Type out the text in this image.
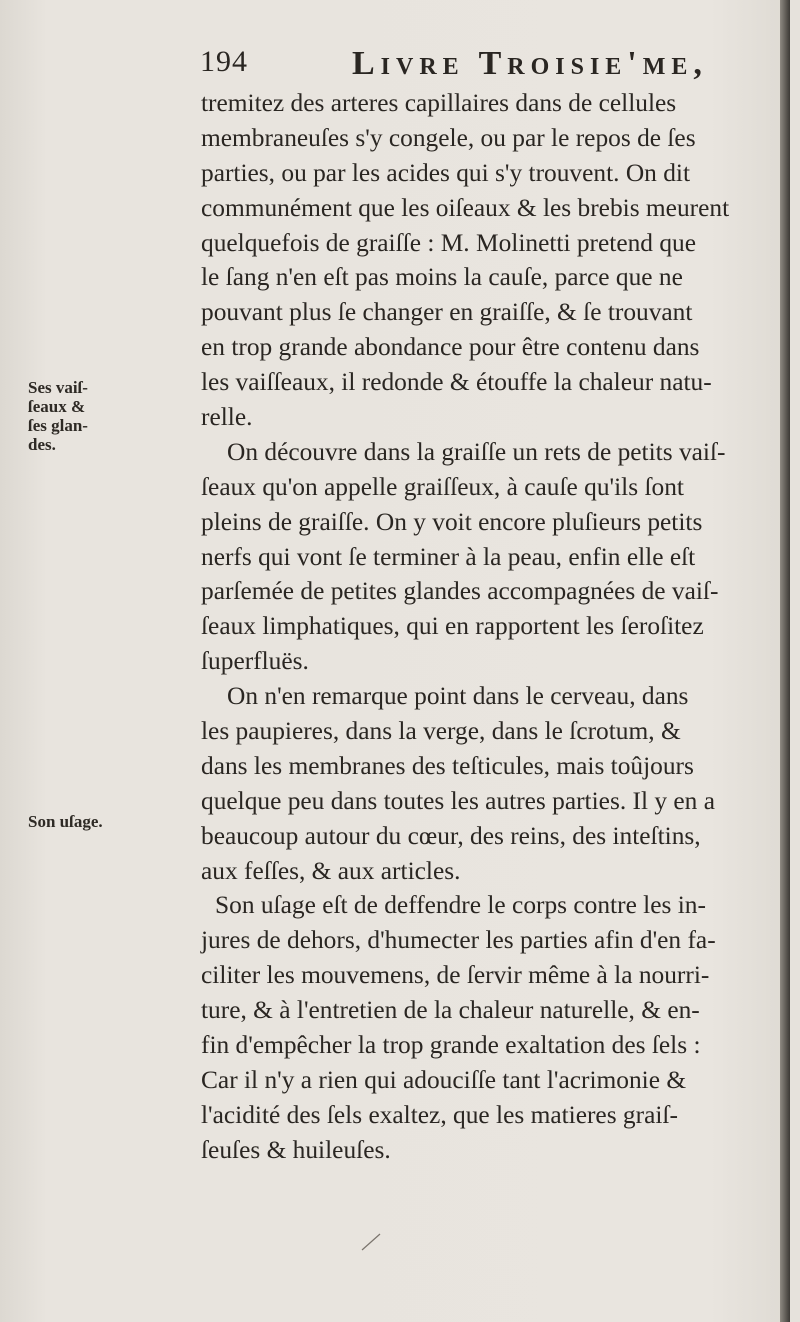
194	Livre Troisie'me,
Ses vaiſ-
ſeaux &
ſes glan-
des.
Son uſage.
tremitez des arteres capillaires dans de cellules
membraneuſes s'y congele, ou par le repos de ſes
parties, ou par les acides qui s'y trouvent. On dit
communément que les oiſeaux & les brebis meurent
quelquefois de graiſſe : M. Molinetti pretend que
le ſang n'en eſt pas moins la cauſe, parce que ne
pouvant plus ſe changer en graiſſe, & ſe trouvant
en trop grande abondance pour être contenu dans
les vaiſſeaux, il redonde & étouffe la chaleur natu-
relle.
On découvre dans la graiſſe un rets de petits vaiſ-
ſeaux qu'on appelle graiſſeux, à cauſe qu'ils ſont
pleins de graiſſe. On y voit encore pluſieurs petits
nerfs qui vont ſe terminer à la peau, enfin elle eſt
parſemée de petites glandes accompagnées de vaiſ-
ſeaux limphatiques, qui en rapportent les ſeroſitez
ſuperfluës.
On n'en remarque point dans le cerveau, dans
les paupieres, dans la verge, dans le ſcrotum, &
dans les membranes des teſticules, mais toûjours
quelque peu dans toutes les autres parties. Il y en a
beaucoup autour du cœur, des reins, des inteſtins,
aux feſſes, & aux articles.
Son uſage eſt de deffendre le corps contre les in-
jures de dehors, d'humecter les parties afin d'en fa-
ciliter les mouvemens, de ſervir même à la nourri-
ture, & à l'entretien de la chaleur naturelle, & en-
fin d'empêcher la trop grande exaltation des ſels :
Car il n'y a rien qui adouciſſe tant l'acrimonie &
l'acidité des ſels exaltez, que les matieres graiſ-
ſeuſes & huileuſes.
